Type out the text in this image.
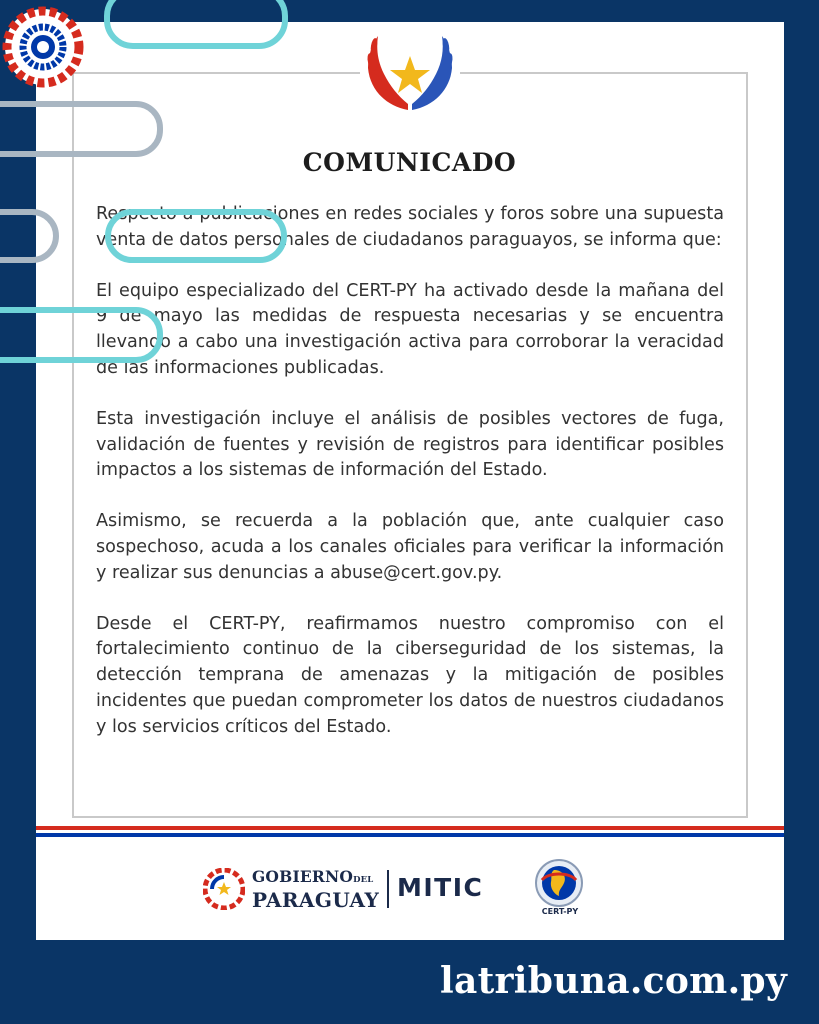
COMUNICADO

Respecto a publicaciones en redes sociales y foros sobre una supuesta venta de datos personales de ciudadanos paraguayos, se informa que:

El equipo especializado del CERT-PY ha activado desde la mañana del 9 de mayo las medidas de respuesta necesarias y se encuentra llevando a cabo una investigación activa para corroborar la veracidad de las informaciones publicadas.

Esta investigación incluye el análisis de posibles vectores de fuga, validación de fuentes y revisión de registros para identificar posibles impactos a los sistemas de información del Estado.

Asimismo, se recuerda a la población que, ante cualquier caso sospechoso, acuda a los canales oficiales para verificar la información y realizar sus denuncias a abuse@cert.gov.py.

Desde el CERT-PY, reafirmamos nuestro compromiso con el fortalecimiento continuo de la ciberseguridad de los sistemas, la detección temprana de amenazas y la mitigación de posibles incidentes que puedan comprometer los datos de nuestros ciudadanos y los servicios críticos del Estado.

GOBIERNODEL
PARAGUAY MITIC
CERT-PY
latribuna.com.py
